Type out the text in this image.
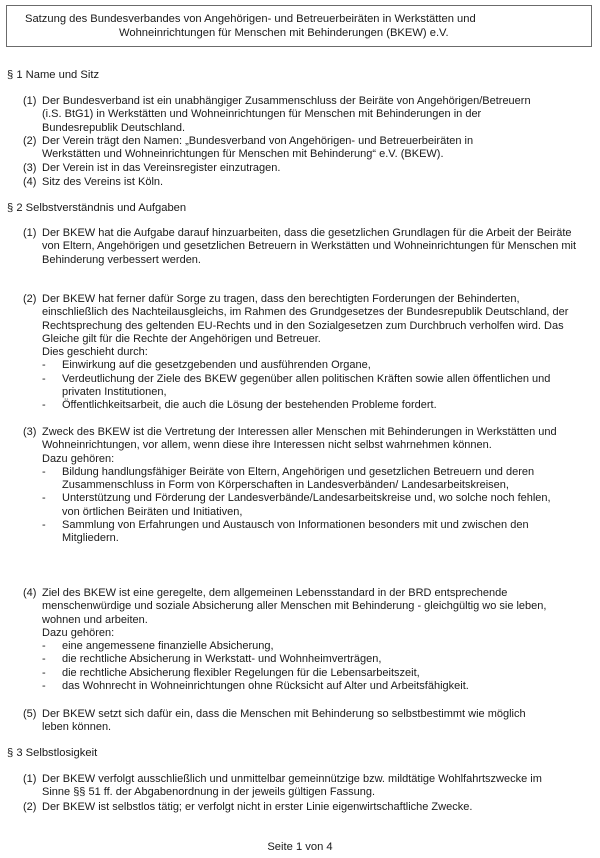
Satzung des Bundesverbandes von Angehörigen- und Betreuerbeiräten in Werkstätten und
Wohneinrichtungen für Menschen mit Behinderungen (BKEW) e.V.
§ 1 Name und Sitz
(1) Der Bundesverband ist ein unabhängiger Zusammenschluss der Beiräte von Angehörigen/Betreuern (i.S. BtG1) in Werkstätten und Wohneinrichtungen für Menschen mit Behinderungen in der Bundesrepublik Deutschland.
(2) Der Verein trägt den Namen: „Bundesverband von Angehörigen- und Betreuerbeiräten in Werkstätten und Wohneinrichtungen für Menschen mit Behinderung“ e.V. (BKEW).
(3) Der Verein ist in das Vereinsregister einzutragen.
(4) Sitz des Vereins ist Köln.
§ 2 Selbstverständnis und Aufgaben
(1) Der BKEW hat die Aufgabe darauf hinzuarbeiten, dass die gesetzlichen Grundlagen für die Arbeit der Beiräte von Eltern, Angehörigen und gesetzlichen Betreuern in Werkstätten und Wohneinrichtungen für Menschen mit Behinderung verbessert werden.
(2) Der BKEW hat ferner dafür Sorge zu tragen, dass den berechtigten Forderungen der Behinderten, einschließlich des Nachteilausgleichs, im Rahmen des Grundgesetzes der Bundesrepublik Deutschland, der Rechtsprechung des geltenden EU-Rechts und in den Sozialgesetzen zum Durchbruch verholfen wird. Das Gleiche gilt für die Rechte der Angehörigen und Betreuer.
Dies geschieht durch:
- Einwirkung auf die gesetzgebenden und ausführenden Organe,
- Verdeutlichung der Ziele des BKEW gegenüber allen politischen Kräften sowie allen öffentlichen und privaten Institutionen,
- Öffentlichkeitsarbeit, die auch die Lösung der bestehenden Probleme fordert.
(3) Zweck des BKEW ist die Vertretung der Interessen aller Menschen mit Behinderungen in Werkstätten und Wohneinrichtungen, vor allem, wenn diese ihre Interessen nicht selbst wahrnehmen können.
Dazu gehören:
- Bildung handlungsfähiger Beiräte von Eltern, Angehörigen und gesetzlichen Betreuern und deren Zusammenschluss in Form von Körperschaften in Landesverbänden/ Landesarbeitskreisen,
- Unterstützung und Förderung der Landesverbände/Landesarbeitskreise und, wo solche noch fehlen, von örtlichen Beiräten und Initiativen,
- Sammlung von Erfahrungen und Austausch von Informationen besonders mit und zwischen den Mitgliedern.
(4) Ziel des BKEW ist eine geregelte, dem allgemeinen Lebensstandard in der BRD entsprechende menschenwürdige und soziale Absicherung aller Menschen mit Behinderung - gleichgültig wo sie leben, wohnen und arbeiten.
Dazu gehören:
- eine angemessene finanzielle Absicherung,
- die rechtliche Absicherung in Werkstatt- und Wohnheimverträgen,
- die rechtliche Absicherung flexibler Regelungen für die Lebensarbeitszeit,
- das Wohnrecht in Wohneinrichtungen ohne Rücksicht auf Alter und Arbeitsfähigkeit.
(5) Der BKEW setzt sich dafür ein, dass die Menschen mit Behinderung so selbstbestimmt wie möglich leben können.
§ 3 Selbstlosigkeit
(1) Der BKEW verfolgt ausschließlich und unmittelbar gemeinnützige bzw. mildtätige Wohlfahrtszwecke im Sinne §§ 51 ff. der Abgabenordnung in der jeweils gültigen Fassung.
(2) Der BKEW ist selbstlos tätig; er verfolgt nicht in erster Linie eigenwirtschaftliche Zwecke.
Seite 1 von 4
